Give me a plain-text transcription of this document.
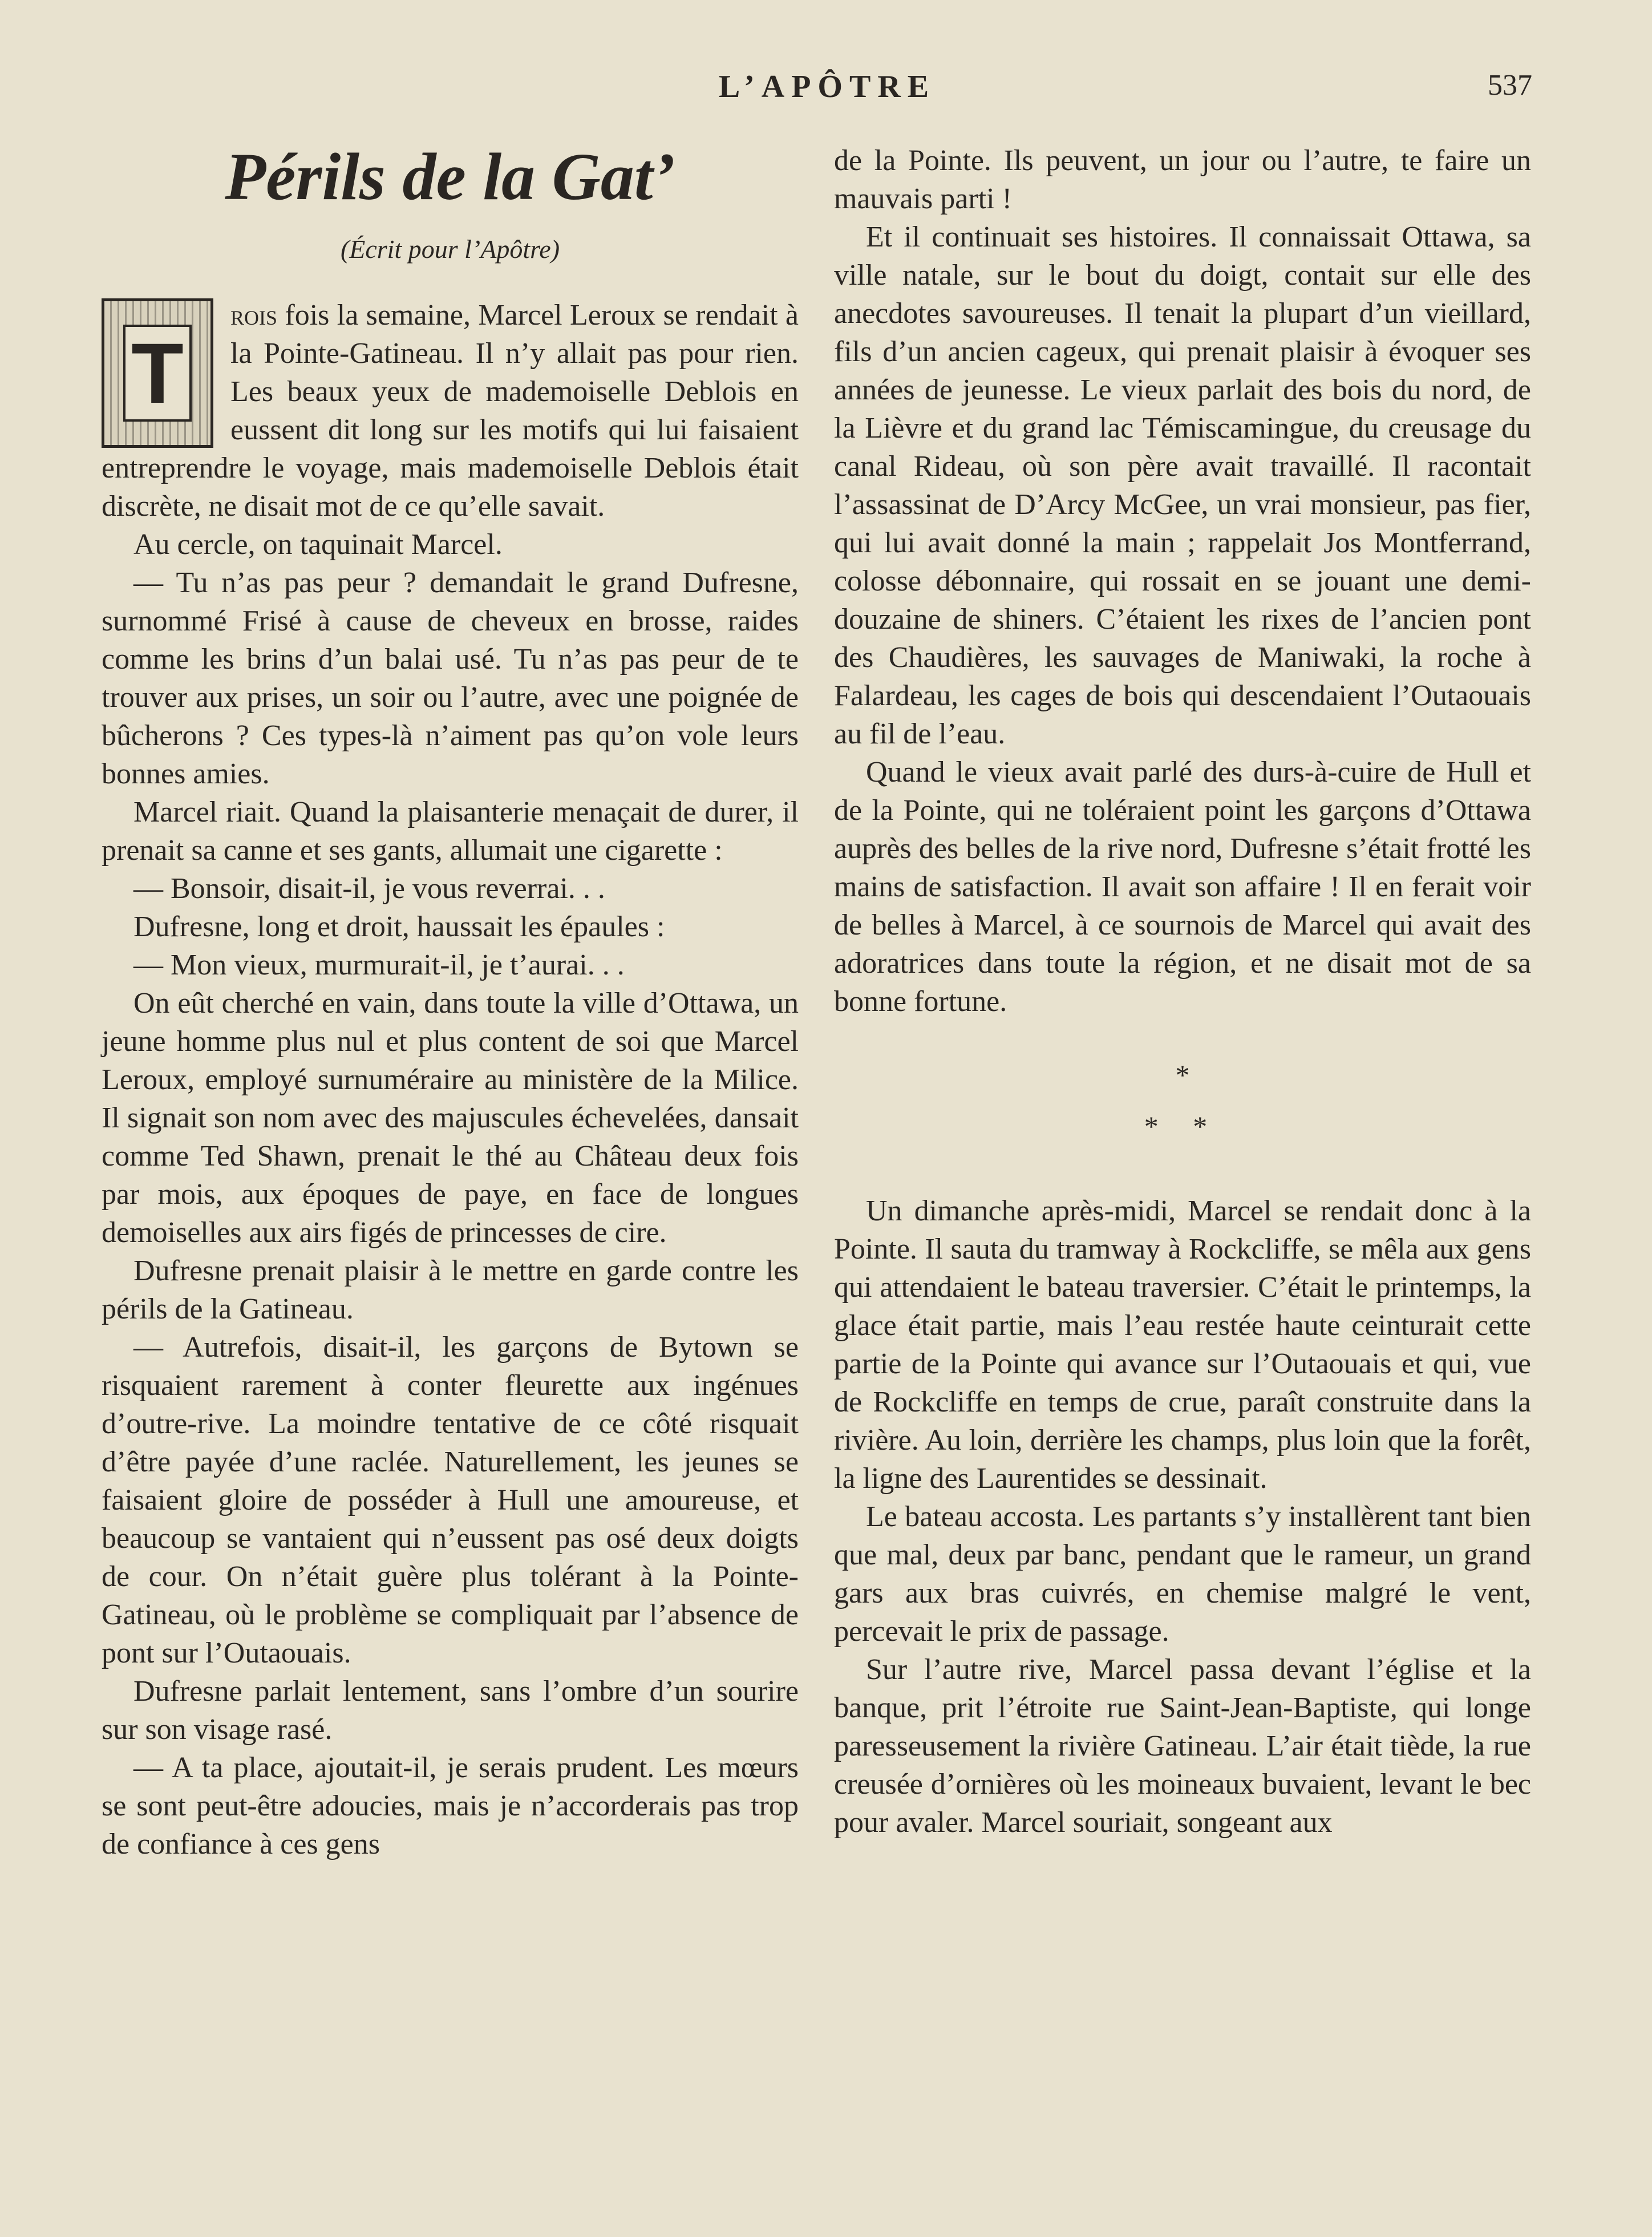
L’APÔTRE	537
Périls de la Gat’
(Écrit pour l’Apôtre)
T

rois fois la semaine, Marcel Leroux se rendait à la Pointe-Gatineau. Il n’y allait pas pour rien. Les beaux yeux de mademoiselle Deblois en eussent dit long sur les motifs qui lui faisaient entreprendre le voyage, mais mademoiselle Deblois était discrète, ne disait mot de ce qu’elle savait.

Au cercle, on taquinait Marcel.

— Tu n’as pas peur ? demandait le grand Dufresne, surnommé Frisé à cause de cheveux en brosse, raides comme les brins d’un balai usé. Tu n’as pas peur de te trouver aux prises, un soir ou l’autre, avec une poignée de bûcherons ? Ces types-là n’aiment pas qu’on vole leurs bonnes amies.

Marcel riait. Quand la plaisanterie menaçait de durer, il prenait sa canne et ses gants, allumait une cigarette :

— Bonsoir, disait-il, je vous reverrai. . .

Dufresne, long et droit, haussait les épaules :

— Mon vieux, murmurait-il, je t’aurai. . .

On eût cherché en vain, dans toute la ville d’Ottawa, un jeune homme plus nul et plus content de soi que Marcel Leroux, employé surnuméraire au ministère de la Milice. Il signait son nom avec des majuscules échevelées, dansait comme Ted Shawn, prenait le thé au Château deux fois par mois, aux époques de paye, en face de longues demoiselles aux airs figés de princesses de cire.

Dufresne prenait plaisir à le mettre en garde contre les périls de la Gatineau.

— Autrefois, disait-il, les garçons de Bytown se risquaient rarement à conter fleurette aux ingénues d’outre-rive. La moindre tentative de ce côté risquait d’être payée d’une raclée. Naturellement, les jeunes se faisaient gloire de posséder à Hull une amoureuse, et beaucoup se vantaient qui n’eussent pas osé deux doigts de cour. On n’était guère plus tolérant à la Pointe-Gatineau, où le problème se compliquait par l’absence de pont sur l’Outaouais.

Dufresne parlait lentement, sans l’ombre d’un sourire sur son visage rasé.

— A ta place, ajoutait-il, je serais prudent. Les mœurs se sont peut-être adoucies, mais je n’accorderais pas trop de confiance à ces gens

de la Pointe. Ils peuvent, un jour ou l’autre, te faire un mauvais parti !

Et il continuait ses histoires. Il connaissait Ottawa, sa ville natale, sur le bout du doigt, contait sur elle des anecdotes savoureuses. Il tenait la plupart d’un vieillard, fils d’un ancien cageux, qui prenait plaisir à évoquer ses années de jeunesse. Le vieux parlait des bois du nord, de la Lièvre et du grand lac Témiscamingue, du creusage du canal Rideau, où son père avait travaillé. Il racontait l’assassinat de D’Arcy McGee, un vrai monsieur, pas fier, qui lui avait donné la main ; rappelait Jos Montferrand, colosse débonnaire, qui rossait en se jouant une demi-douzaine de shiners. C’étaient les rixes de l’ancien pont des Chaudières, les sauvages de Maniwaki, la roche à Falardeau, les cages de bois qui descendaient l’Outaouais au fil de l’eau.

Quand le vieux avait parlé des durs-à-cuire de Hull et de la Pointe, qui ne toléraient point les garçons d’Ottawa auprès des belles de la rive nord, Dufresne s’était frotté les mains de satisfaction. Il avait son affaire ! Il en ferait voir de belles à Marcel, à ce sournois de Marcel qui avait des adoratrices dans toute la région, et ne disait mot de sa bonne fortune.

*
* *

Un dimanche après-midi, Marcel se rendait donc à la Pointe. Il sauta du tramway à Rockcliffe, se mêla aux gens qui attendaient le bateau traversier. C’était le printemps, la glace était partie, mais l’eau restée haute ceinturait cette partie de la Pointe qui avance sur l’Outaouais et qui, vue de Rockcliffe en temps de crue, paraît construite dans la rivière. Au loin, derrière les champs, plus loin que la forêt, la ligne des Laurentides se dessinait.

Le bateau accosta. Les partants s’y installèrent tant bien que mal, deux par banc, pendant que le rameur, un grand gars aux bras cuivrés, en chemise malgré le vent, percevait le prix de passage.

Sur l’autre rive, Marcel passa devant l’église et la banque, prit l’étroite rue Saint-Jean-Baptiste, qui longe paresseusement la rivière Gatineau. L’air était tiède, la rue creusée d’ornières où les moineaux buvaient, levant le bec pour avaler. Marcel souriait, songeant aux
